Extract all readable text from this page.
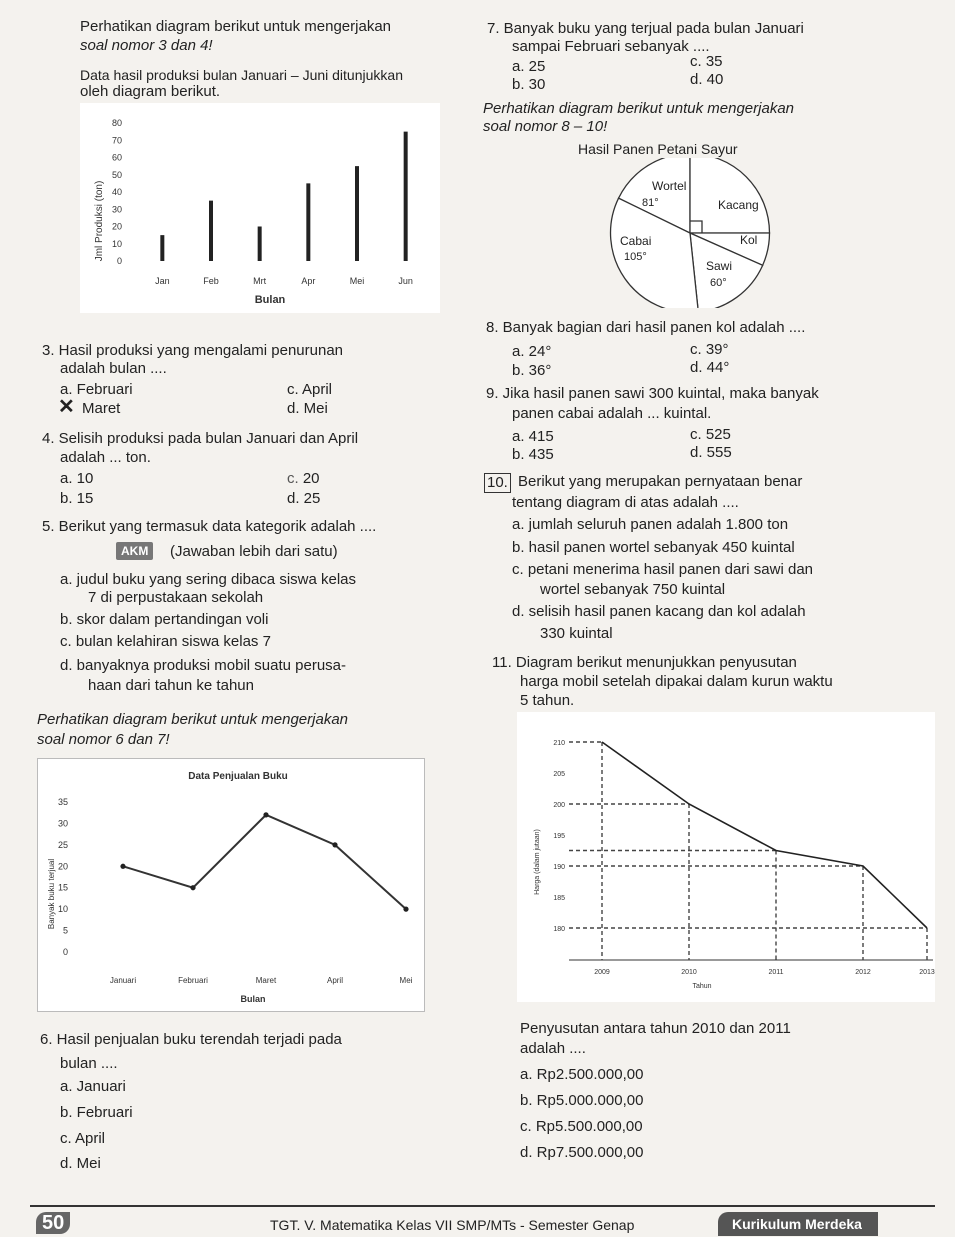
Perhatikan diagram berikut untuk mengerjakan
soal nomor 3 dan 4!
Data hasil produksi bulan Januari – Juni ditunjukkan
oleh diagram berikut.
Jml Produksi (ton)
Bulan
0
10
20
30
40
50
60
70
80
Jan	Feb	Mrt	Apr	Mei	Jun
3. Hasil produksi yang mengalami penurunan
adalah bulan ....
a. Februari	c. April
✕ Maret	d. Mei
4. Selisih produksi pada bulan Januari dan April
adalah ... ton.
a. 10	c. 20
b. 15	d. 25
5. Berikut yang termasuk data kategorik adalah ....
AKM	(Jawaban lebih dari satu)
a. judul buku yang sering dibaca siswa kelas
7 di perpustakaan sekolah
b. skor dalam pertandingan voli
c. bulan kelahiran siswa kelas 7
d. banyaknya produksi mobil suatu perusa-
haan dari tahun ke tahun
Perhatikan diagram berikut untuk mengerjakan
soal nomor 6 dan 7!
Data Penjualan Buku
Banyak buku terjual
Bulan
0
5
10
15
20
25
30
35
Januari	Februari	Maret	April	Mei
6. Hasil penjualan buku terendah terjadi pada
bulan ....
a. Januari
b. Februari
c. April
d. Mei
7. Banyak buku yang terjual pada bulan Januari
sampai Februari sebanyak ....
a. 25	c. 35
b. 30	d. 40
Perhatikan diagram berikut untuk mengerjakan
soal nomor 8 – 10!
Hasil Panen Petani Sayur
Wortel
81°	Kacang
Cabai
105°
Kol
Sawi
60°
8. Banyak bagian dari hasil panen kol adalah ....
a. 24°	c. 39°
b. 36°	d. 44°
9. Jika hasil panen sawi 300 kuintal, maka banyak
panen cabai adalah ... kuintal.
a. 415	c. 525
b. 435	d. 555
10. Berikut yang merupakan pernyataan benar
tentang diagram di atas adalah ....
a. jumlah seluruh panen adalah 1.800 ton
b. hasil panen wortel sebanyak 450 kuintal
c. petani menerima hasil panen dari sawi dan
wortel sebanyak 750 kuintal
d. selisih hasil panen kacang dan kol adalah
330 kuintal
11. Diagram berikut menunjukkan penyusutan
harga mobil setelah dipakai dalam kurun waktu
5 tahun.
Harga (dalam jutaan)
Tahun
180
185
190
195
200
205
210
2009	2010	2011	2012	2013
Penyusutan antara tahun 2010 dan 2011
adalah ....
a. Rp2.500.000,00
b. Rp5.000.000,00
c. Rp5.500.000,00
d. Rp7.500.000,00
50	TGT. V. Matematika Kelas VII SMP/MTs - Semester Genap	Kurikulum Merdeka
